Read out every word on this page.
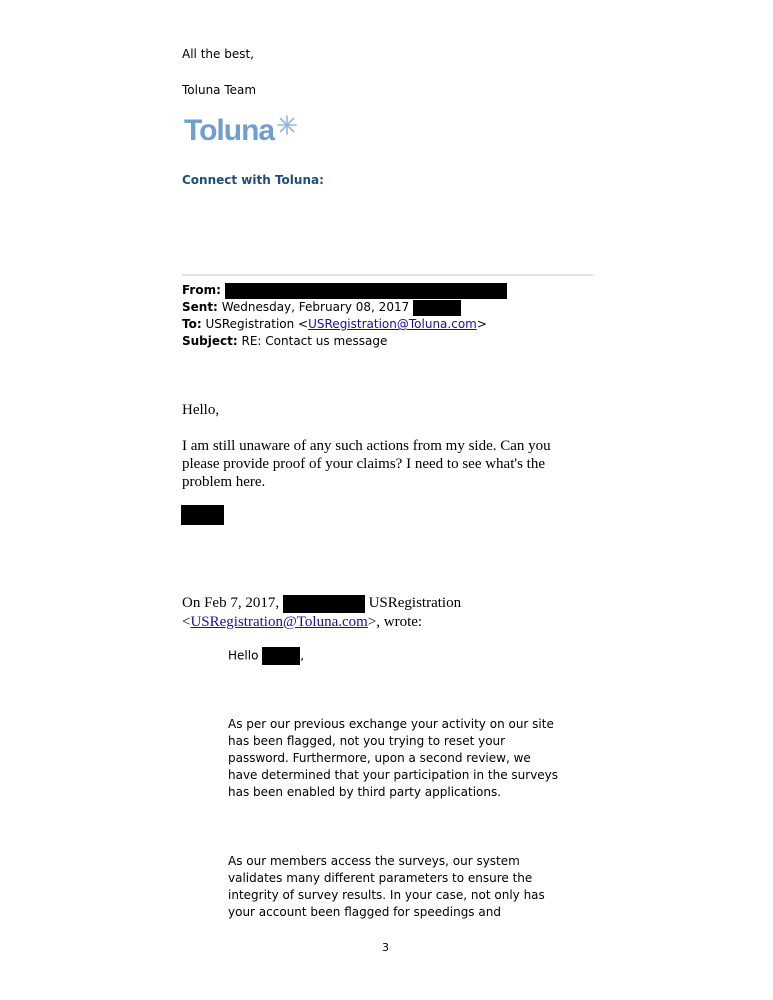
All the best,
Toluna Team
Toluna
Connect with Toluna:

From:

Sent: Wednesday, February 08, 2017

To: USRegistration <USRegistration@Toluna.com>

Subject: RE: Contact us message

Hello,

I am still unaware of any such actions from my side. Can you

please provide proof of your claims? I need to see what's the

problem here.

On Feb 7, 2017,	USRegistration

<USRegistration@Toluna.com>, wrote:

Hello	,

As per our previous exchange your activity on our site

has been flagged, not you trying to reset your

password. Furthermore, upon a second review, we

have determined that your participation in the surveys

has been enabled by third party applications.

As our members access the surveys, our system

validates many different parameters to ensure the

integrity of survey results. In your case, not only has

your account been flagged for speedings and

3
